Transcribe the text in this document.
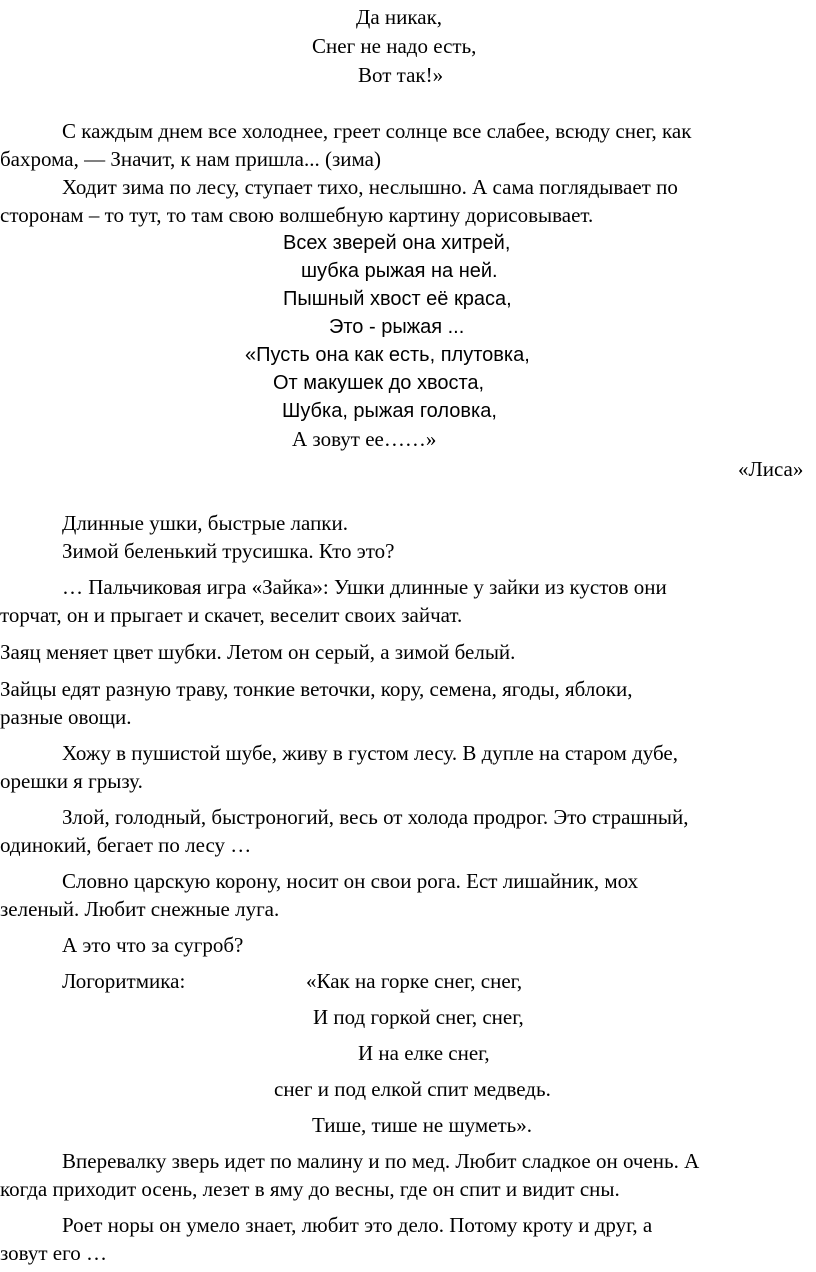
Да никак,
Снег не надо есть,
Вот так!»
С каждым днем все холоднее, греет солнце все слабее, всюду снег, как
бахрома, — Значит, к нам пришла... (зима)
Ходит зима по лесу, ступает тихо, неслышно. А сама поглядывает по
сторонам – то тут, то там свою волшебную картину дорисовывает.
Всех зверей она хитрей,
шубка рыжая на ней.
Пышный хвост её краса,
Это - рыжая ...
«Пусть она как есть, плутовка,
От макушек до хвоста,
Шубка, рыжая головка,
А зовут ее……»
«Лиса»
Длинные ушки, быстрые лапки.
Зимой беленький трусишка. Кто это?
… Пальчиковая игра «Зайка»: Ушки длинные у зайки из кустов они
торчат, он и прыгает и скачет, веселит своих зайчат.
Заяц меняет цвет шубки. Летом он серый, а зимой белый.
Зайцы едят разную траву, тонкие веточки, кору, семена, ягоды, яблоки,
разные овощи.
Хожу в пушистой шубе, живу в густом лесу. В дупле на старом дубе,
орешки я грызу.
Злой, голодный, быстроногий, весь от холода продрог. Это страшный,
одинокий, бегает по лесу …
Словно царскую корону, носит он свои рога. Ест лишайник, мох
зеленый. Любит снежные луга.
А это что за сугроб?
Логоритмика:	«Как на горке снег, снег,
И под горкой снег, снег,
И на елке снег,
снег и под елкой спит медведь.
Тише, тише не шуметь».
Вперевалку зверь идет по малину и по мед. Любит сладкое он очень. А
когда приходит осень, лезет в яму до весны, где он спит и видит сны.
Роет норы он умело знает, любит это дело. Потому кроту и друг, а
зовут его …
